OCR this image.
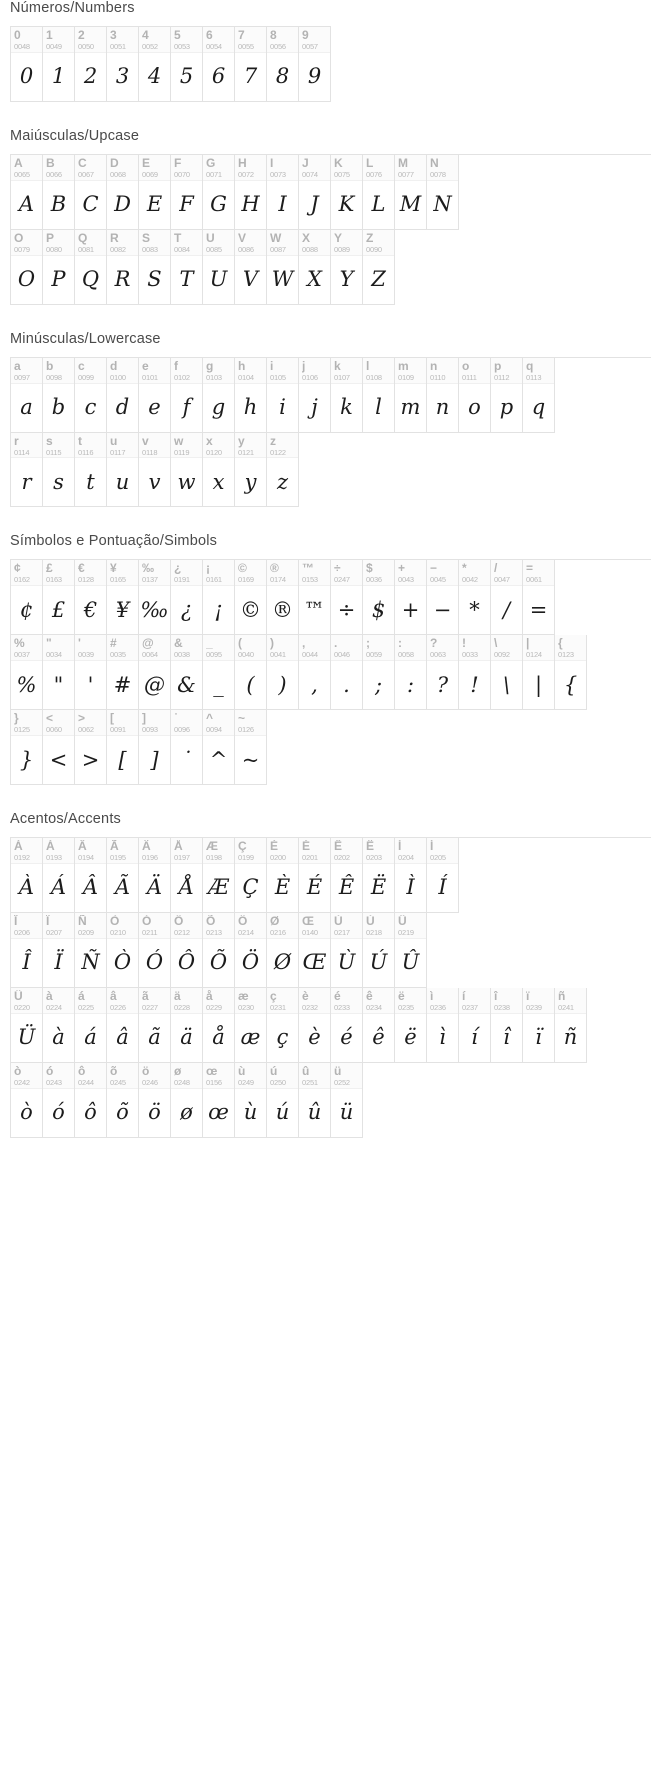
Números/Numbers
0
0048
0
1
0049
1
2
0050
2
3
0051
3
4
0052
4
5
0053
5
6
0054
6
7
0055
7
8
0056
8
9
0057
9
Maiúsculas/Upcase
A
0065
A
B
0066
B
C
0067
C
D
0068
D
E
0069
E
F
0070
F
G
0071
G
H
0072
H
I
0073
I
J
0074
J
K
0075
K
L
0076
L
M
0077
M
N
0078
N
O
0079
O
P
0080
P
Q
0081
Q
R
0082
R
S
0083
S
T
0084
T
U
0085
U
V
0086
V
W
0087
W
X
0088
X
Y
0089
Y
Z
0090
Z
Minúsculas/Lowercase
a
0097
a
b
0098
b
c
0099
c
d
0100
d
e
0101
e
f
0102
f
g
0103
g
h
0104
h
i
0105
i
j
0106
j
k
0107
k
l
0108
l
m
0109
m
n
0110
n
o
0111
o
p
0112
p
q
0113
q
r
0114
r
s
0115
s
t
0116
t
u
0117
u
v
0118
v
w
0119
w
x
0120
x
y
0121
y
z
0122
z
Símbolos e Pontuação/Simbols
¢
0162
¢
£
0163
£
€
0128
€
¥
0165
¥
‰
0137
‰
¿
0191
¿
¡
0161
¡
©
0169
©
®
0174
®
™
0153
™
÷
0247
÷
$
0036
$
+
0043
+
−
0045
−
*
0042
*
/
0047
/
=
0061
=
%
0037
%
"
0034
"
'
0039
'
#
0035
#
@
0064
@
&
0038
&
_
0095
_
(
0040
(
)
0041
)
,
0044
,
.
0046
.
;
0059
;
:
0058
:
?
0063
?
!
0033
!
\
0092
\
|
0124
|
{
0123
{
}
0125
}
<
0060
<
>
0062
>
[
0091
[
]
0093
]
˙
0096
˙
^
0094
^
~
0126
~
Acentos/Accents
À
0192
À
Á
0193
Á
Â
0194
Â
Ã
0195
Ã
Ä
0196
Ä
Å
0197
Å
Æ
0198
Æ
Ç
0199
Ç
È
0200
È
É
0201
É
Ê
0202
Ê
Ë
0203
Ë
Ì
0204
Ì
Í
0205
Í
Î
0206
Î
Ï
0207
Ï
Ñ
0209
Ñ
Ò
0210
Ò
Ó
0211
Ó
Ô
0212
Ô
Õ
0213
Õ
Ö
0214
Ö
Ø
0216
Ø
Œ
0140
Œ
Ù
0217
Ù
Ú
0218
Ú
Û
0219
Û
Ü
0220
Ü
à
0224
à
á
0225
á
â
0226
â
ã
0227
ã
ä
0228
ä
å
0229
å
æ
0230
æ
ç
0231
ç
è
0232
è
é
0233
é
ê
0234
ê
ë
0235
ë
ì
0236
ì
í
0237
í
î
0238
î
ï
0239
ï
ñ
0241
ñ
ò
0242
ò
ó
0243
ó
ô
0244
ô
õ
0245
õ
ö
0246
ö
ø
0248
ø
œ
0156
œ
ù
0249
ù
ú
0250
ú
û
0251
û
ü
0252
ü
